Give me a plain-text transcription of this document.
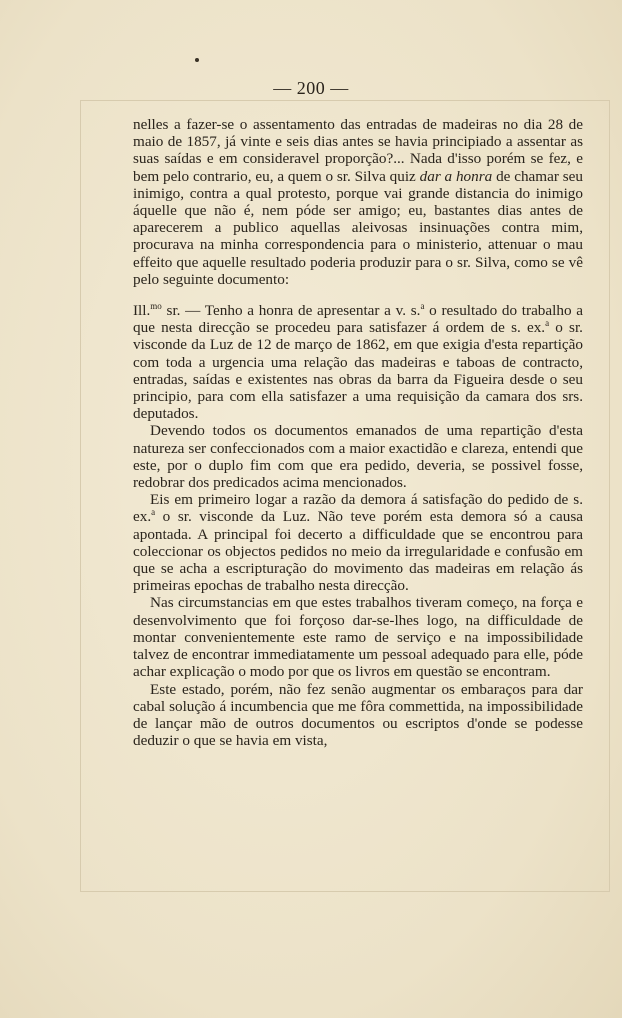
— 200 —

nelles a fazer-se o assentamento das entradas de madeiras no dia 28 de maio de 1857, já vinte e seis dias antes se havia principiado a assentar as suas saídas e em consideravel proporção?... Nada d'isso porém se fez, e bem pelo contrario, eu, a quem o sr. Silva quiz dar a honra de chamar seu inimigo, contra a qual protesto, porque vai grande distancia do inimigo áquelle que não é, nem póde ser amigo; eu, bastantes dias antes de aparecerem a publico aquellas aleivosas insinuações contra mim, procurava na minha correspondencia para o ministerio, attenuar o mau effeito que aquelle resultado poderia produzir para o sr. Silva, como se vê pelo seguinte documento:

Ill.$^{mo}$ sr. — Tenho a honra de apresentar a v. s.$^a$ o resultado do trabalho a que nesta direcção se procedeu para satisfazer á ordem de s. ex.$^a$ o sr. visconde da Luz de 12 de março de 1862, em que exigia d'esta repartição com toda a urgencia uma relação das madeiras e taboas de contracto, entradas, saídas e existentes nas obras da barra da Figueira desde o seu principio, para com ella satisfazer a uma requisição da camara dos srs. deputados.

Devendo todos os documentos emanados de uma repartição d'esta natureza ser confeccionados com a maior exactidão e clareza, entendi que este, por o duplo fim com que era pedido, deveria, se possivel fosse, redobrar dos predicados acima mencionados.

Eis em primeiro logar a razão da demora á satisfação do pedido de s. ex.$^a$ o sr. visconde da Luz. Não teve porém esta demora só a causa apontada. A principal foi decerto a difficuldade que se encontrou para coleccionar os objectos pedidos no meio da irregularidade e confusão em que se acha a escripturação do movimento das madeiras em relação ás primeiras epochas de trabalho nesta direcção.

Nas circumstancias em que estes trabalhos tiveram começo, na força e desenvolvimento que foi forçoso dar-se-lhes logo, na difficuldade de montar convenientemente este ramo de serviço e na impossibilidade talvez de encontrar immediatamente um pessoal adequado para elle, póde achar explicação o modo por que os livros em questão se encontram.

Este estado, porém, não fez senão augmentar os embaraços para dar cabal solução á incumbencia que me fôra commettida, na impossibilidade de lançar mão de outros documentos ou escriptos d'onde se podesse deduzir o que se havia em vista,
